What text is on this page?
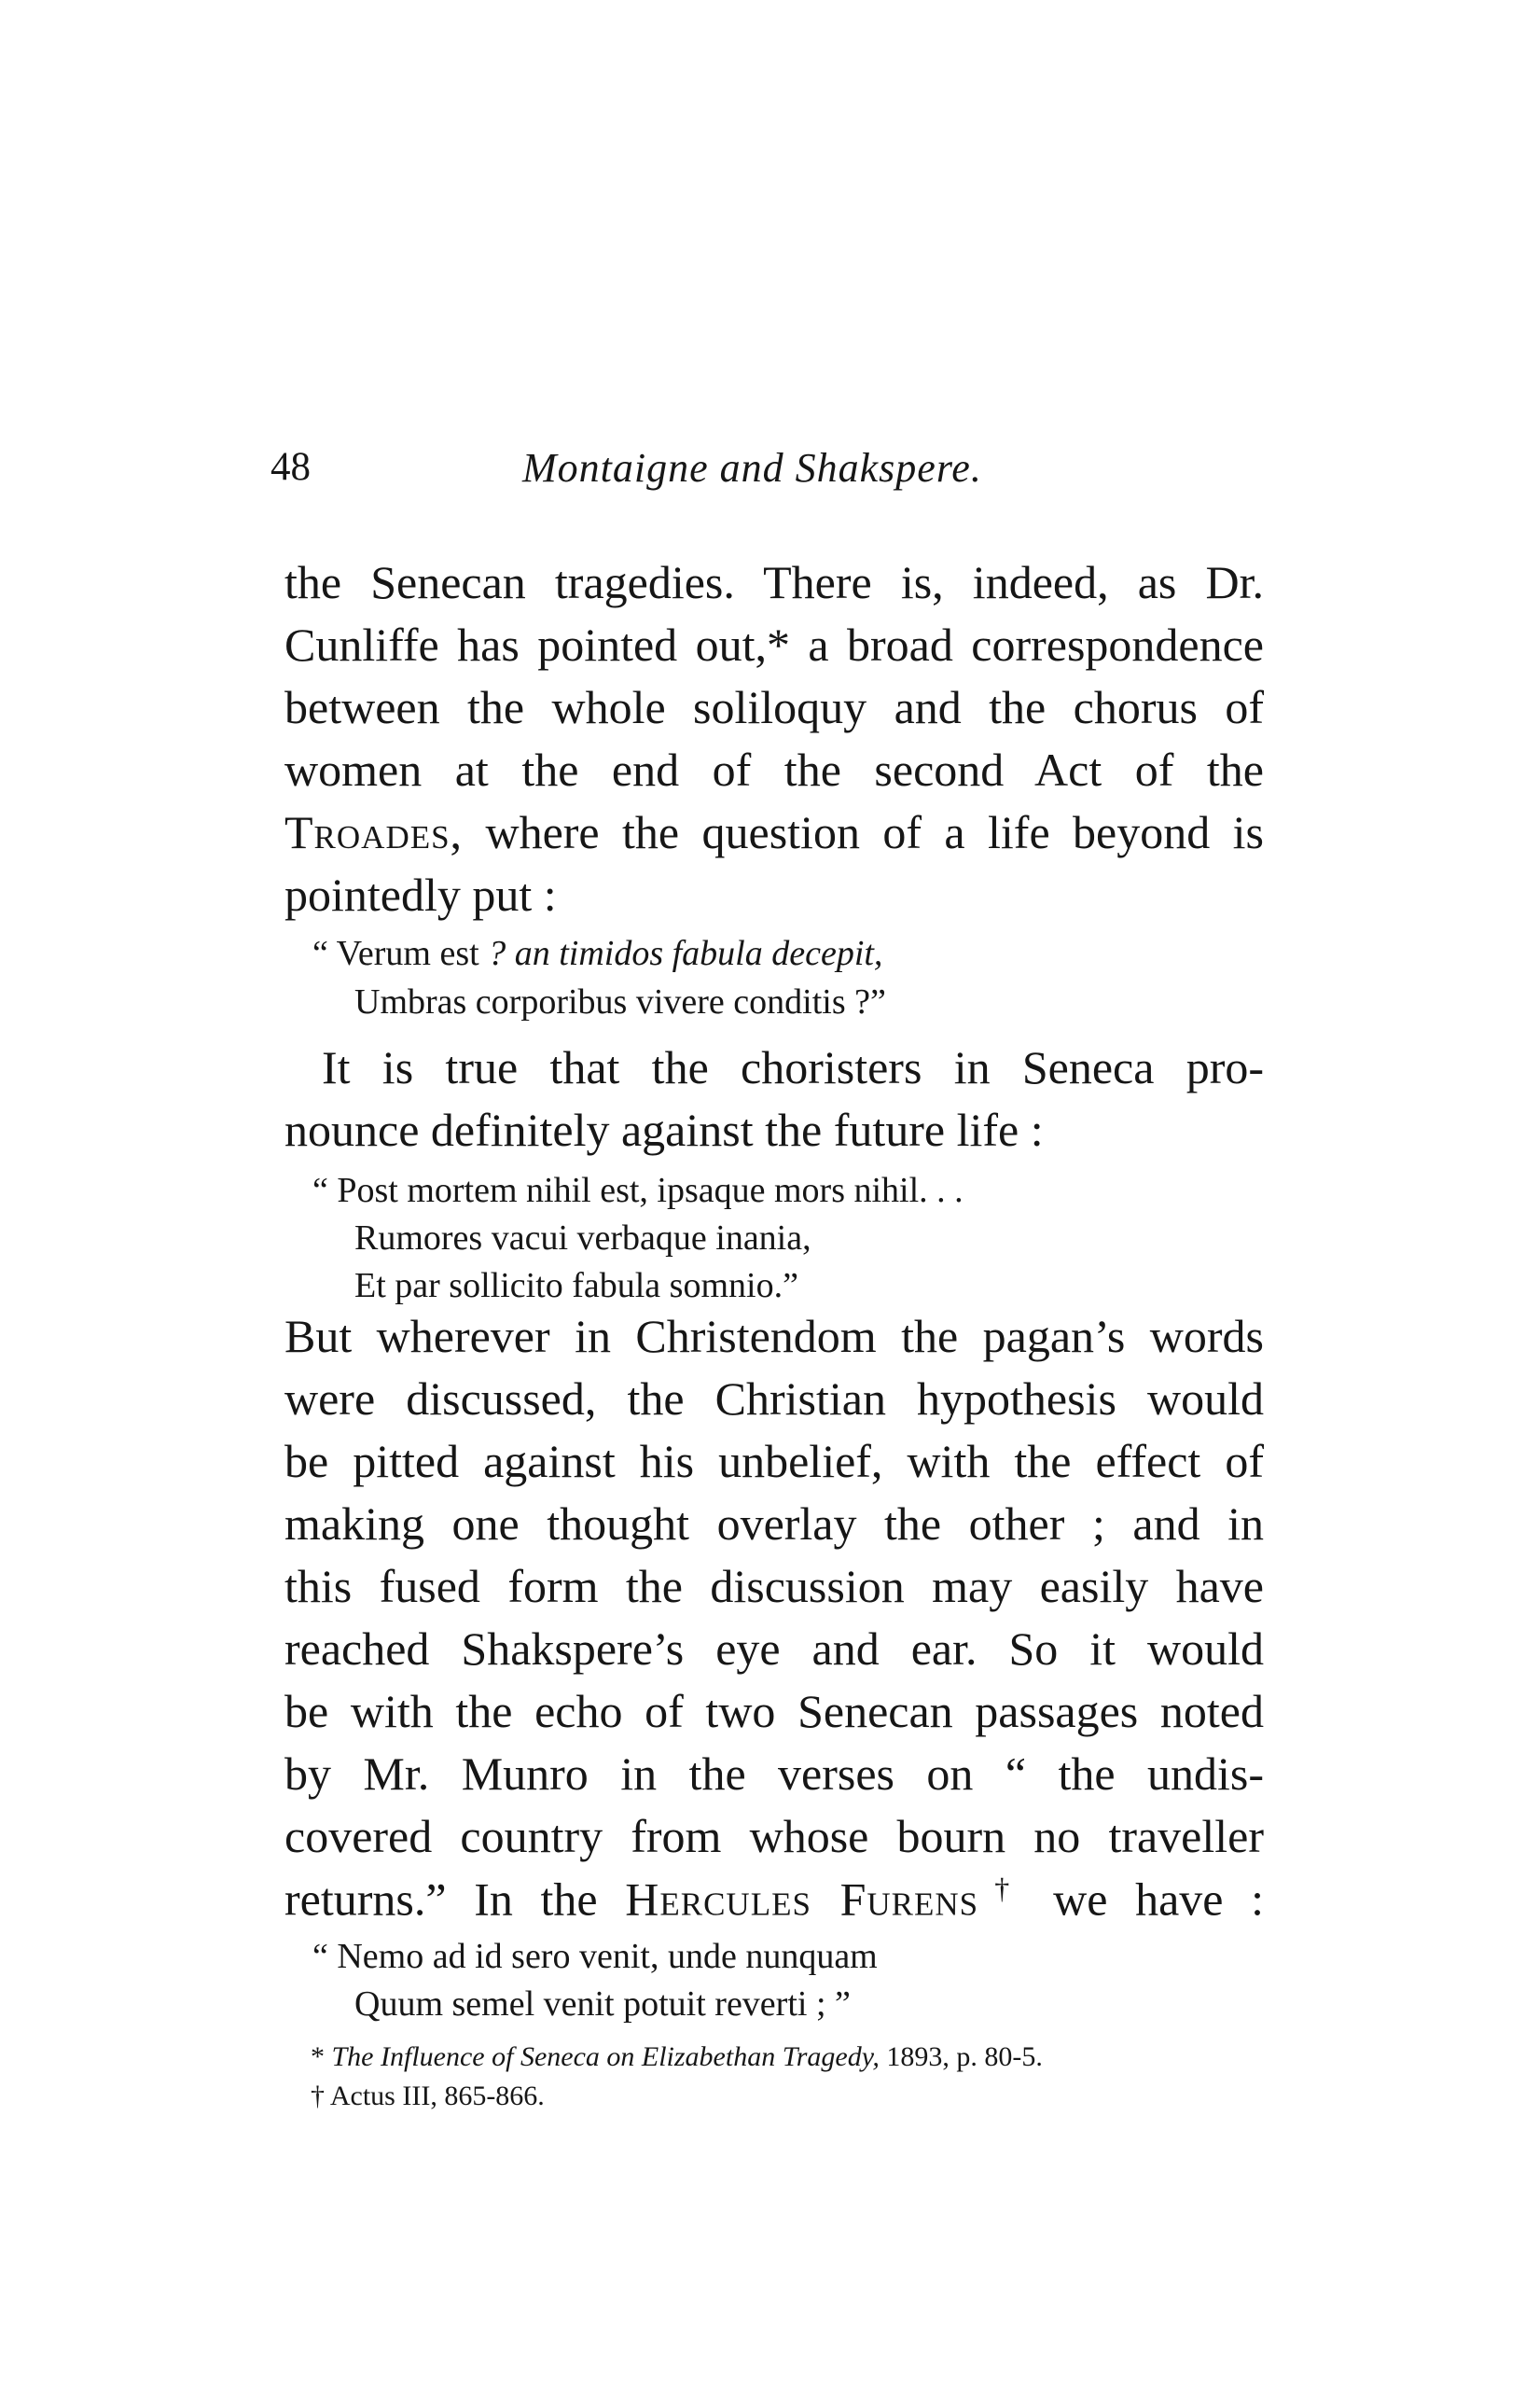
48	Montaigne and Shakspere.
the Senecan tragedies. There is, indeed, as Dr.
Cunliffe has pointed out,* a broad correspondence
between the whole soliloquy and the chorus of
women at the end of the second Act of the
Troades, where the question of a life beyond is
pointedly put :
“ Verum est ? an timidos fabula decepit,
Umbras corporibus vivere conditis ?”
It is true that the choristers in Seneca pro-
nounce definitely against the future life :
“ Post mortem nihil est, ipsaque mors nihil. . .
Rumores vacui verbaque inania,
Et par sollicito fabula somnio.”
But wherever in Christendom the pagan’s words
were discussed, the Christian hypothesis would
be pitted against his unbelief, with the effect of
making one thought overlay the other ; and in
this fused form the discussion may easily have
reached Shakspere’s eye and ear. So it would
be with the echo of two Senecan passages noted
by Mr. Munro in the verses on “ the undis-
covered country from whose bourn no traveller
returns.” In the Hercules Furens† we have :
“ Nemo ad id sero venit, unde nunquam
Quum semel venit potuit reverti ; ”
* The Influence of Seneca on Elizabethan Tragedy, 1893, p. 80-5.
† Actus III, 865-866.
